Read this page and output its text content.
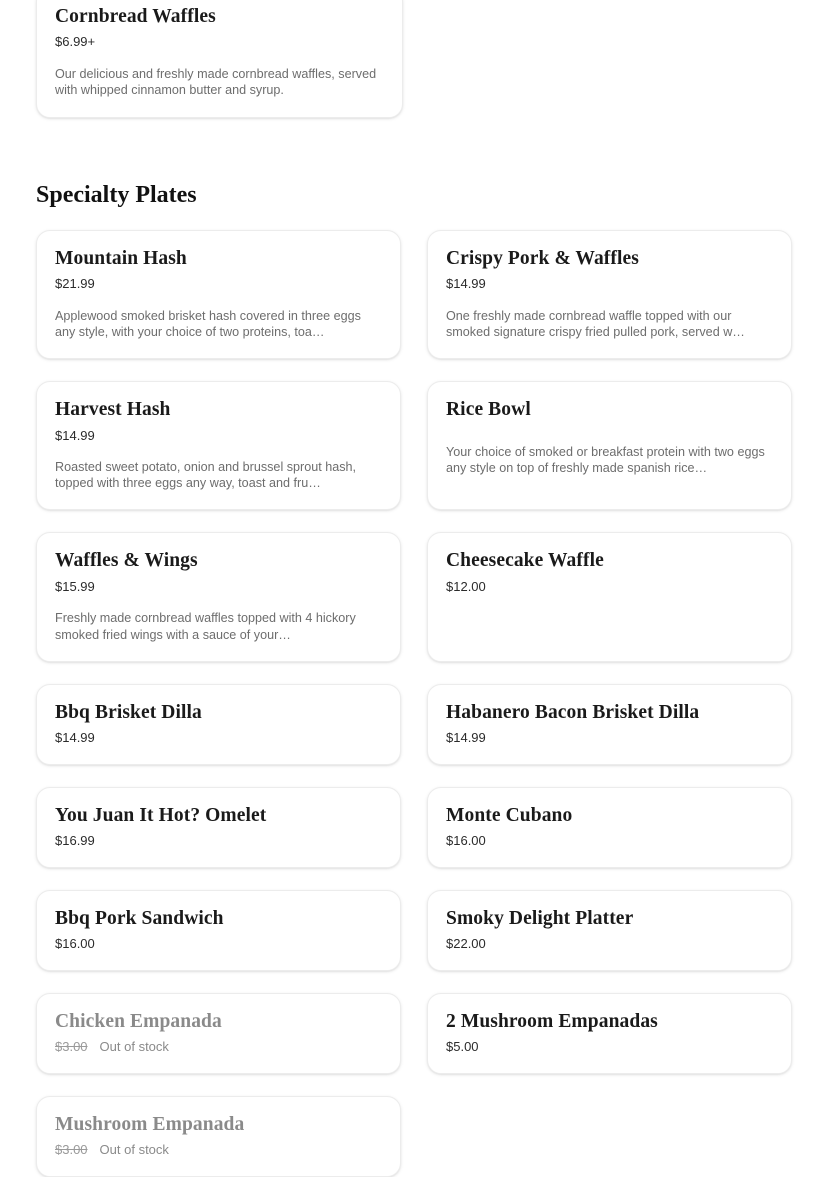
Cornbread Waffles
$6.99+
Our delicious and freshly made cornbread waffles, served with whipped cinnamon butter and syrup.
Specialty Plates
Mountain Hash
$21.99
Applewood smoked brisket hash covered in three eggs any style, with your choice of two proteins, toa…
Crispy Pork & Waffles
$14.99
One freshly made cornbread waffle topped with our smoked signature crispy fried pulled pork, served w…
Harvest Hash
$14.99
Roasted sweet potato, onion and brussel sprout hash, topped with three eggs any way, toast and fru…
Rice Bowl
Your choice of smoked or breakfast protein with two eggs any style on top of freshly made spanish rice…
Waffles & Wings
$15.99
Freshly made cornbread waffles topped with 4 hickory smoked fried wings with a sauce of your…
Cheesecake Waffle
$12.00
Bbq Brisket Dilla
$14.99
Habanero Bacon Brisket Dilla
$14.99
You Juan It Hot? Omelet
$16.99
Monte Cubano
$16.00
Bbq Pork Sandwich
$16.00
Smoky Delight Platter
$22.00
Chicken Empanada
$3.00 Out of stock
2 Mushroom Empanadas
$5.00
Mushroom Empanada
$3.00 Out of stock
